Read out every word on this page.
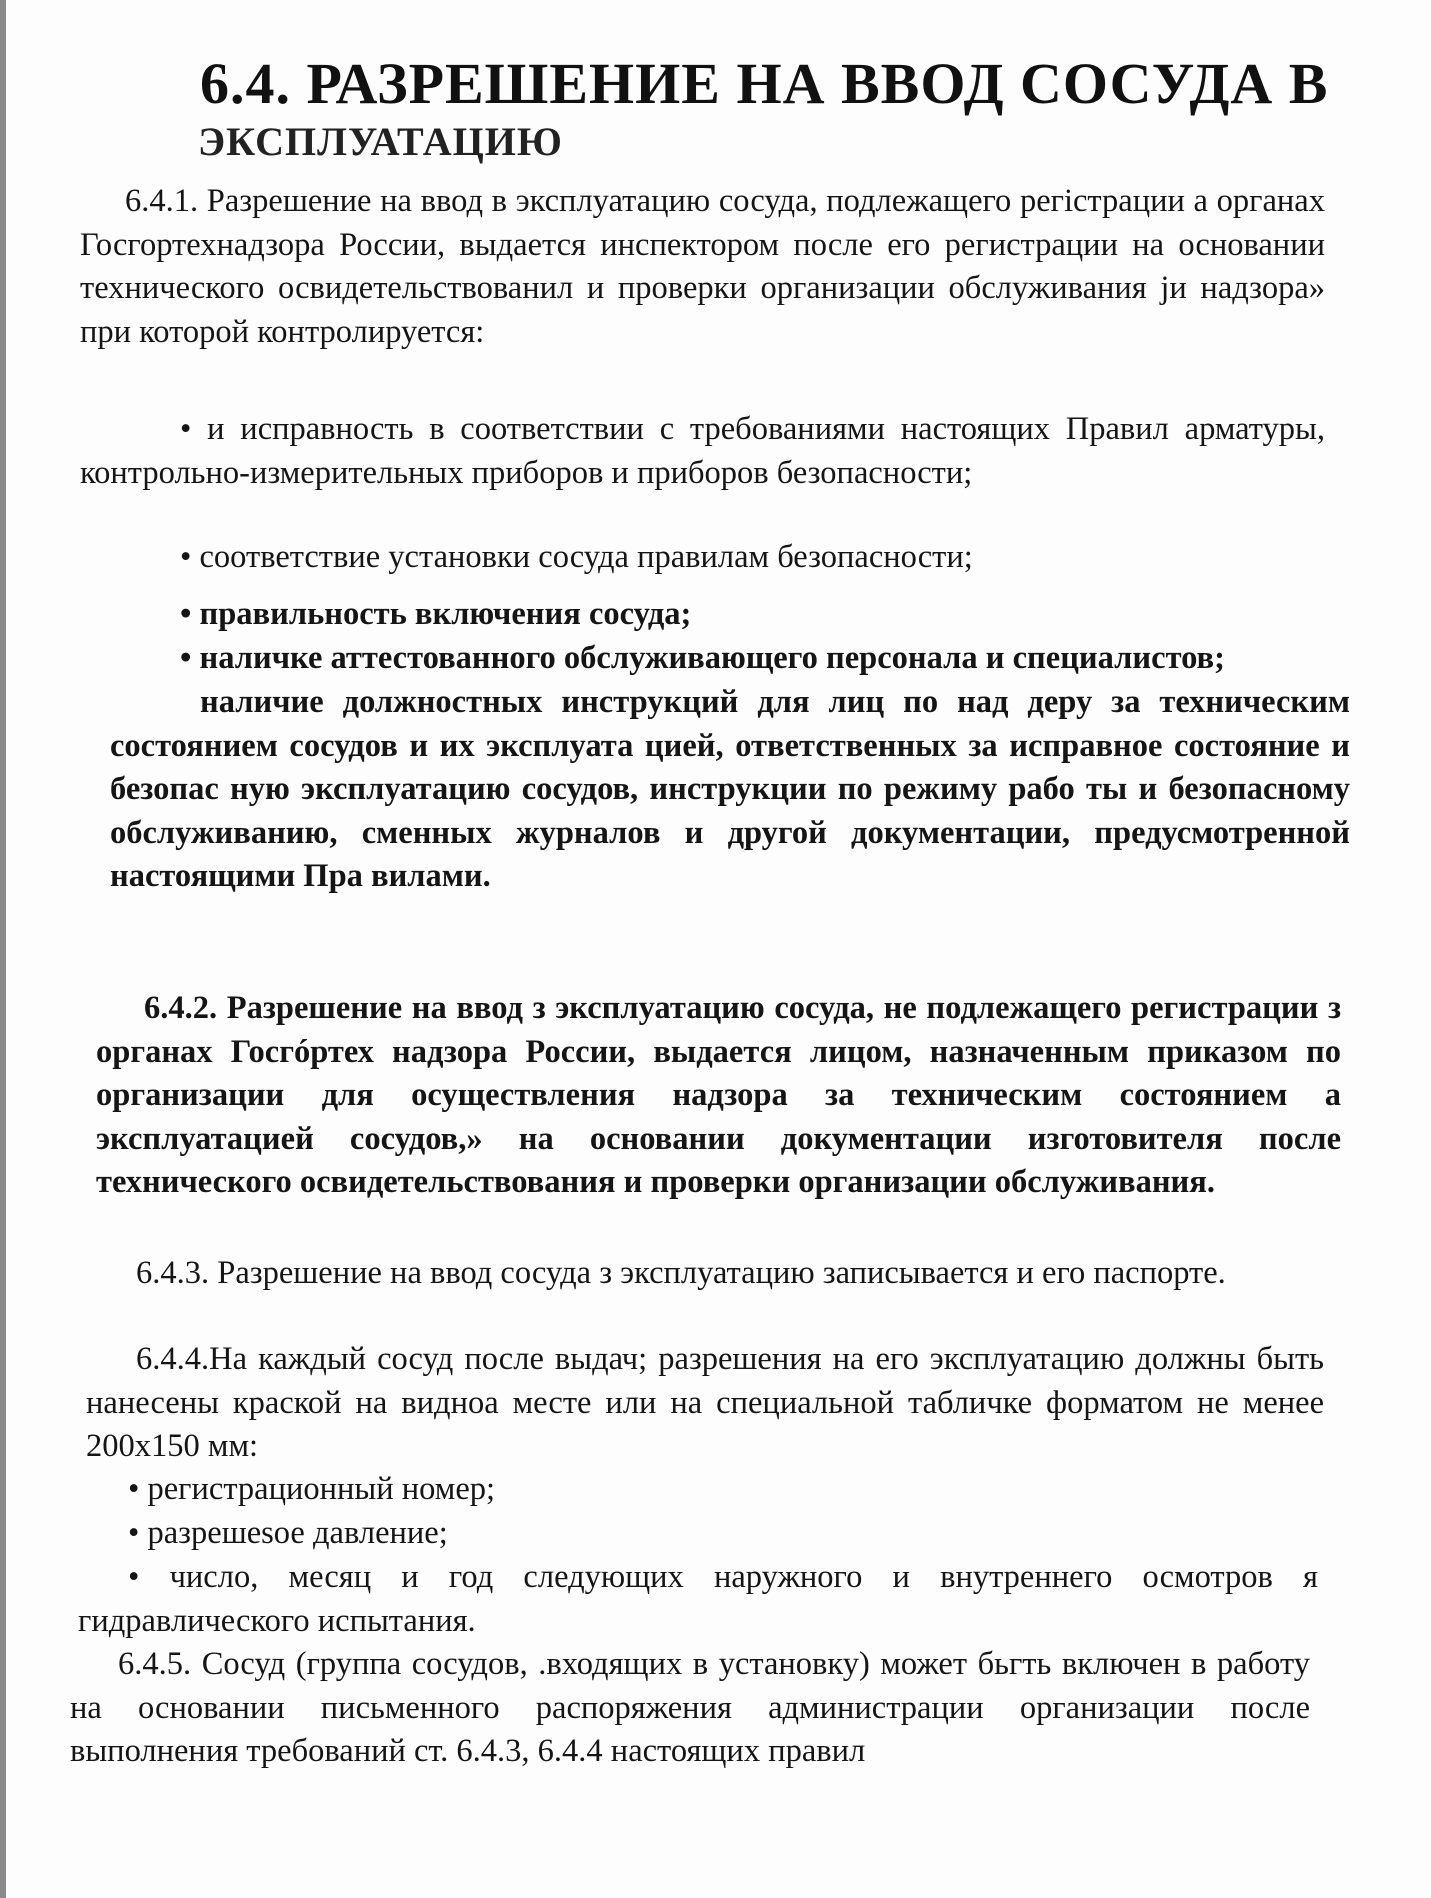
6.4. РАЗРЕШЕНИЕ НА ВВОД СОСУДА В
ЭКСПЛУАТАЦИЮ

6.4.1. Разрешение на ввод в эксплуатацию сосуда, подлежащего регістрации а органах Госгортехнадзора России, выдается инспектором после его регистрации на основании технического освидетельствованил и проверки организации обслуживания ји надзора» при которой контролируется:

• и исправность в соответствии с требованиями настоящих Правил арматуры, контрольно-измерительных приборов и приборов безопасности;

• соответствие установки сосуда правилам безопасности;

• правильность включения сосуда;

• наличке аттестованного обслуживающего персонала и специалистов;

наличие должностных инструкций для лиц по над деру за техническим состоянием сосудов и их эксплуата цией, ответственных за исправное состояние и безопас ную эксплуатацию сосудов, инструкции по режиму рабо ты и безопасному обслуживанию, сменных журналов и другой документации, предусмотренной настоящими Пра вилами.

6.4.2. Разрешение на ввод з эксплуатацию сосуда, не подлежащего регистрации з органах Госгóртех надзора России, выдается лицом, назначенным приказом по организации для осуществления надзора за техническим состоянием а эксплуатацией сосудов,» на основании документации изготовителя после технического освидетельствования и проверки организации обслуживания.

6.4.3. Разрешение на ввод сосуда з эксплуатацию записывается и его паспорте.

6.4.4.На каждый сосуд после выдач; разрешения на его эксплуатацию должны быть нанесены краской на видноа месте или на специальной табличке форматом не менее 200х150 мм:

• регистрационный номер;

• разрешеѕое давление;

• число, месяц и год следующих наружного и внутреннего осмотров я гидравлического испытания.

6.4.5. Сосуд (группа сосудов, .входящих в установку) может бьгть включен в работу на основании письменного распоряжения администрации организации после выполнения требований ст. 6.4.3, 6.4.4 настоящих правил
